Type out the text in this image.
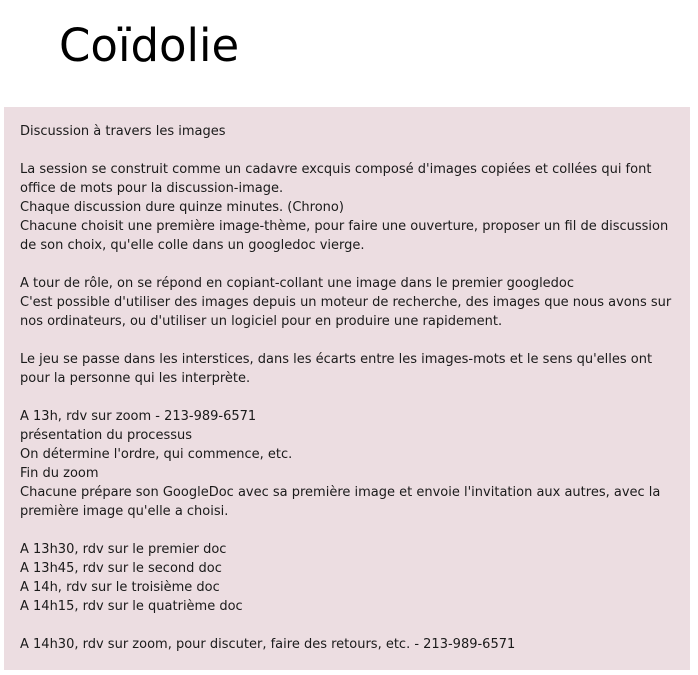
Coïdolie

Discussion à travers les images

La session se construit comme un cadavre excquis composé d'images copiées et collées qui font office de mots pour la discussion-image.
Chaque discussion dure quinze minutes. (Chrono)
Chacune choisit une première image-thème, pour faire une ouverture, proposer un fil de discussion de son choix, qu'elle colle dans un googledoc vierge.

A tour de rôle, on se répond en copiant-collant une image dans le premier googledoc
C'est possible d'utiliser des images depuis un moteur de recherche, des images que nous avons sur nos ordinateurs, ou d'utiliser un logiciel pour en produire une rapidement.

Le jeu se passe dans les interstices, dans les écarts entre les images-mots et le sens qu'elles ont pour la personne qui les interprète.

A 13h, rdv sur zoom - 213-989-6571
présentation du processus
On détermine l'ordre, qui commence, etc.
Fin du zoom
Chacune prépare son GoogleDoc avec sa première image et envoie l'invitation aux autres, avec la première image qu'elle a choisi.

A 13h30, rdv sur le premier doc
A 13h45, rdv sur le second doc
A 14h, rdv sur le troisième doc
A 14h15, rdv sur le quatrième doc

A 14h30, rdv sur zoom, pour discuter, faire des retours, etc. - 213-989-6571
